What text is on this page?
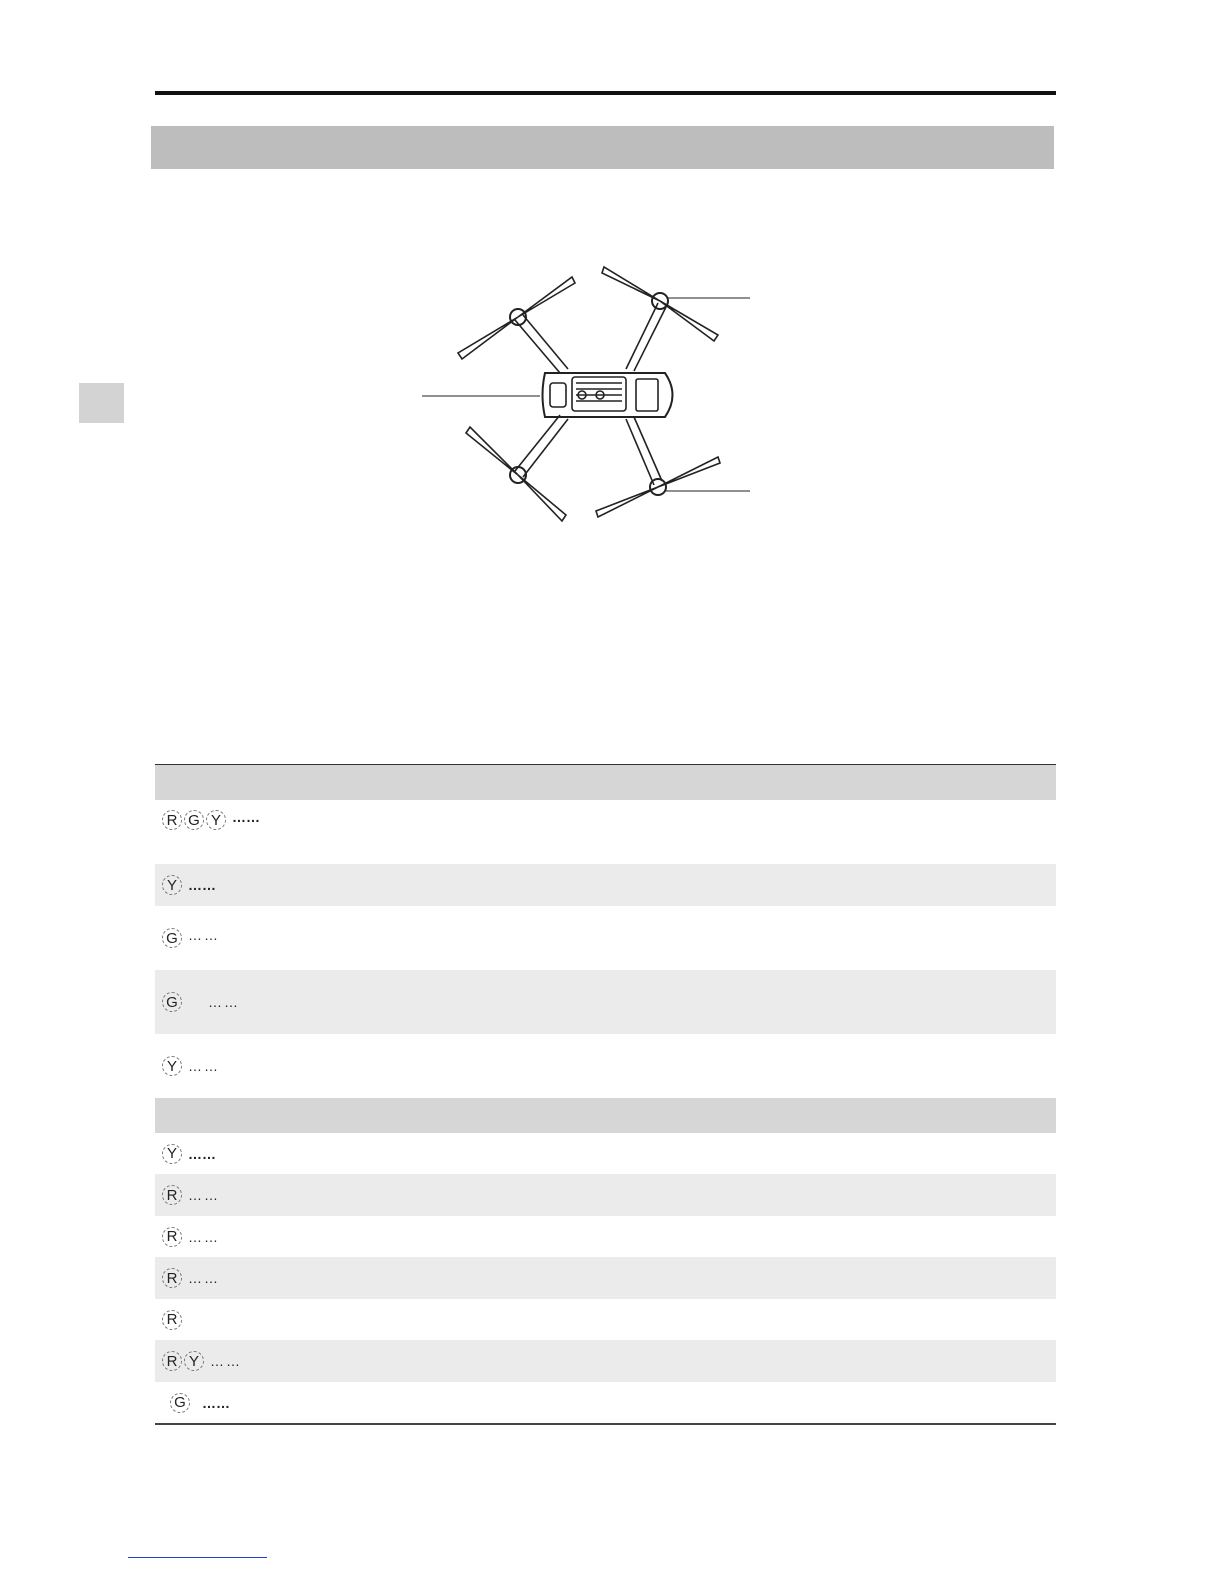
R G Y ……
Y ……
G ……
G ……
Y ……
Y ……
R ……
R ……
R ……
R
R Y ……
G ……
